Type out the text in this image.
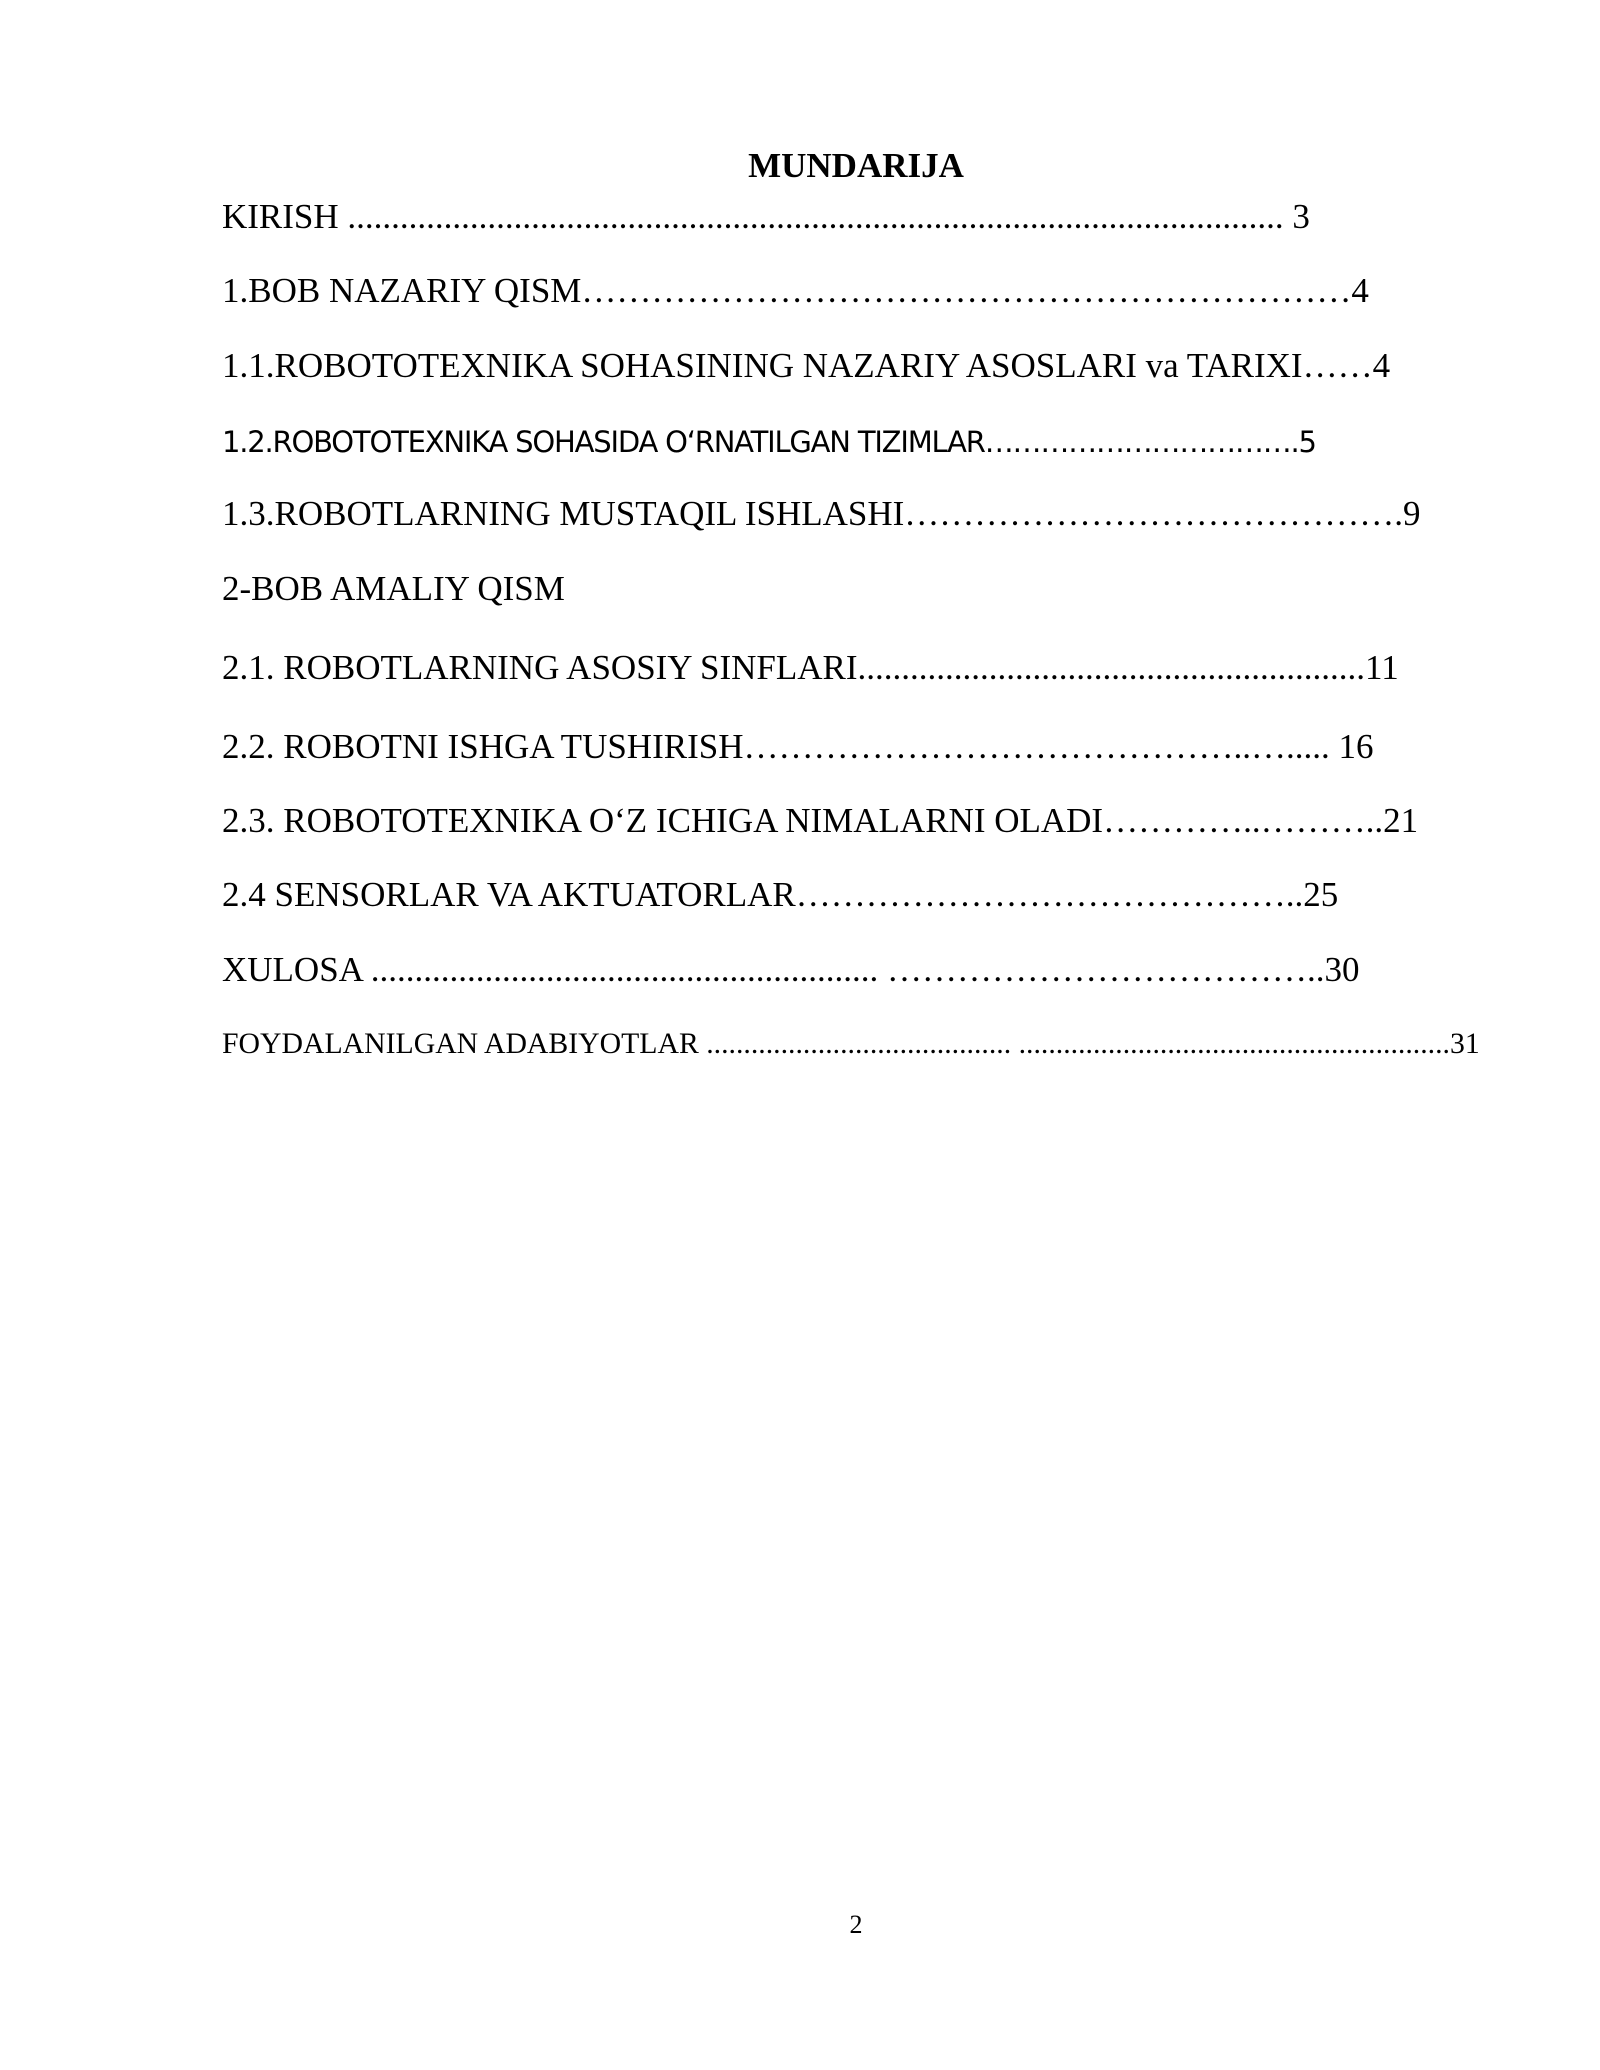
MUNDARIJA
KIRISH ........................................................................................................... 3
1.BOB NAZARIY QISM…………………………………………………………4
1.1.ROBOTOTEXNIKA SOHASINING NAZARIY ASOSLARI va TARIXI……4
1.2.ROBOTOTEXNIKA SOHASIDA O‘RNATILGAN TIZIMLAR…………………………….5
1.3.ROBOTLARNING MUSTAQIL ISHLASHI…………………………………….9
2-BOB AMALIY QISM
2.1. ROBOTLARNING ASOSIY SINFLARI..........................................................11
2.2. ROBOTNI ISHGA TUSHIRISH……………………………………..…..... 16
2.3. ROBOTOTEXNIKA O‘Z ICHIGA NIMALARNI OLADI…………..………..21
2.4 SENSORLAR VA AKTUATORLAR……………………………………..25
XULOSA .......................................................... ………………………………..30
FOYDALANILGAN ADABIYOTLAR ......................................... ..........................................................31
2
